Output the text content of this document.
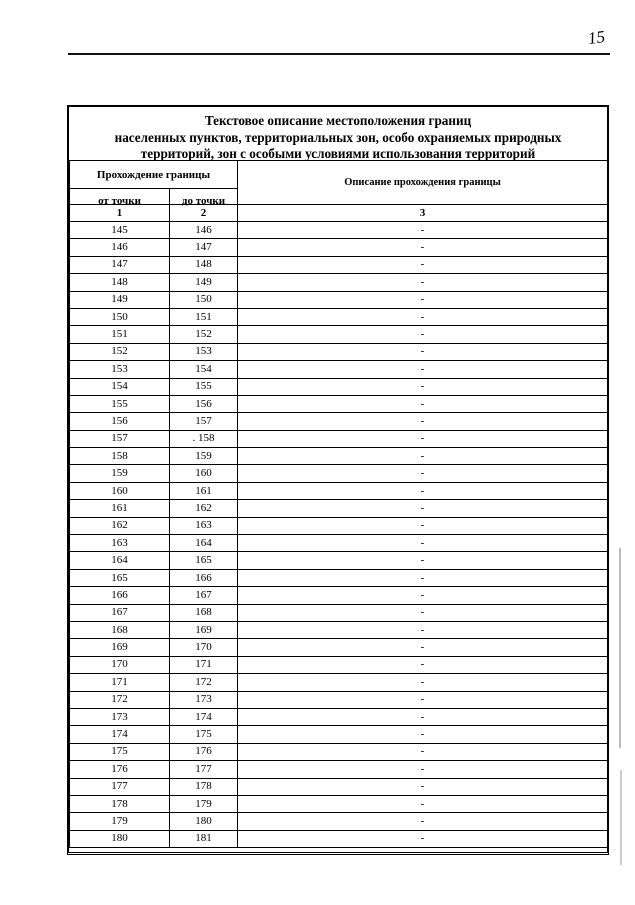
15
Текстовое описание местоположения границ
населенных пунктов, территориальных зон, особо охраняемых природных
территорий, зон с особыми условиями использования территорий
Прохождение границы		Описание прохождения границы
от точки	до точки	
1	2	3
145	146	-
146	147	-
147	148	-
148	149	-
149	150	-
150	151	-
151	152	-
152	153	-
153	154	-
154	155	-
155	156	-
156	157	-
157	. 158	-
158	159	-
159	160	-
160	161	-
161	162	-
162	163	-
163	164	-
164	165	-
165	166	-
166	167	-
167	168	-
168	169	-
169	170	-
170	171	-
171	172	-
172	173	-
173	174	-
174	175	-
175	176	-
176	177	-
177	178	-
178	179	-
179	180	-
180	181	-
